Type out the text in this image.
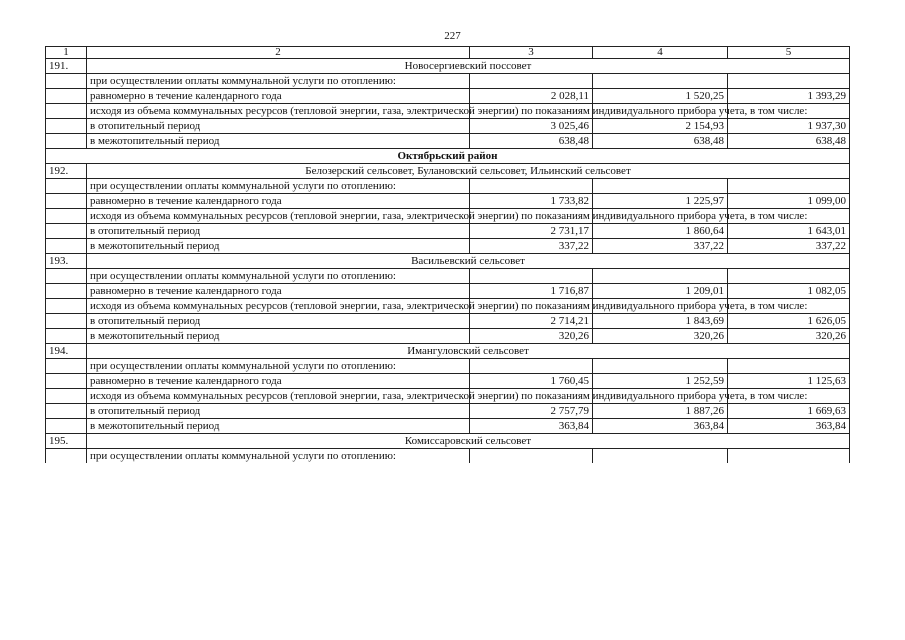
227
1	2	3	4	5
191.	Новосергиевский поссовет			
	при осуществлении оплаты коммунальной услуги по отоплению:			
	равномерно в течение календарного года	2 028,11	1 520,25	1 393,29
	исходя из объема коммунальных ресурсов (тепловой энергии, газа, электрической энергии) по показаниям индивидуального прибора учета, в том числе:			
	в отопительный период	3 025,46	2 154,93	1 937,30
	в межотопительный период	638,48	638,48	638,48
Октябрьский район				
192.	Белозерский сельсовет, Булановский сельсовет, Ильинский сельсовет			
	при осуществлении оплаты коммунальной услуги по отоплению:			
	равномерно в течение календарного года	1 733,82	1 225,97	1 099,00
	исходя из объема коммунальных ресурсов (тепловой энергии, газа, электрической энергии) по показаниям индивидуального прибора учета, в том числе:			
	в отопительный период	2 731,17	1 860,64	1 643,01
	в межотопительный период	337,22	337,22	337,22
193.	Васильевский сельсовет			
	при осуществлении оплаты коммунальной услуги по отоплению:			
	равномерно в течение календарного года	1 716,87	1 209,01	1 082,05
	исходя из объема коммунальных ресурсов (тепловой энергии, газа, электрической энергии) по показаниям индивидуального прибора учета, в том числе:			
	в отопительный период	2 714,21	1 843,69	1 626,05
	в межотопительный период	320,26	320,26	320,26
194.	Имангуловский сельсовет			
	при осуществлении оплаты коммунальной услуги по отоплению:			
	равномерно в течение календарного года	1 760,45	1 252,59	1 125,63
	исходя из объема коммунальных ресурсов (тепловой энергии, газа, электрической энергии) по показаниям индивидуального прибора учета, в том числе:			
	в отопительный период	2 757,79	1 887,26	1 669,63
	в межотопительный период	363,84	363,84	363,84
195.	Комиссаровский сельсовет			
	при осуществлении оплаты коммунальной услуги по отоплению:			
